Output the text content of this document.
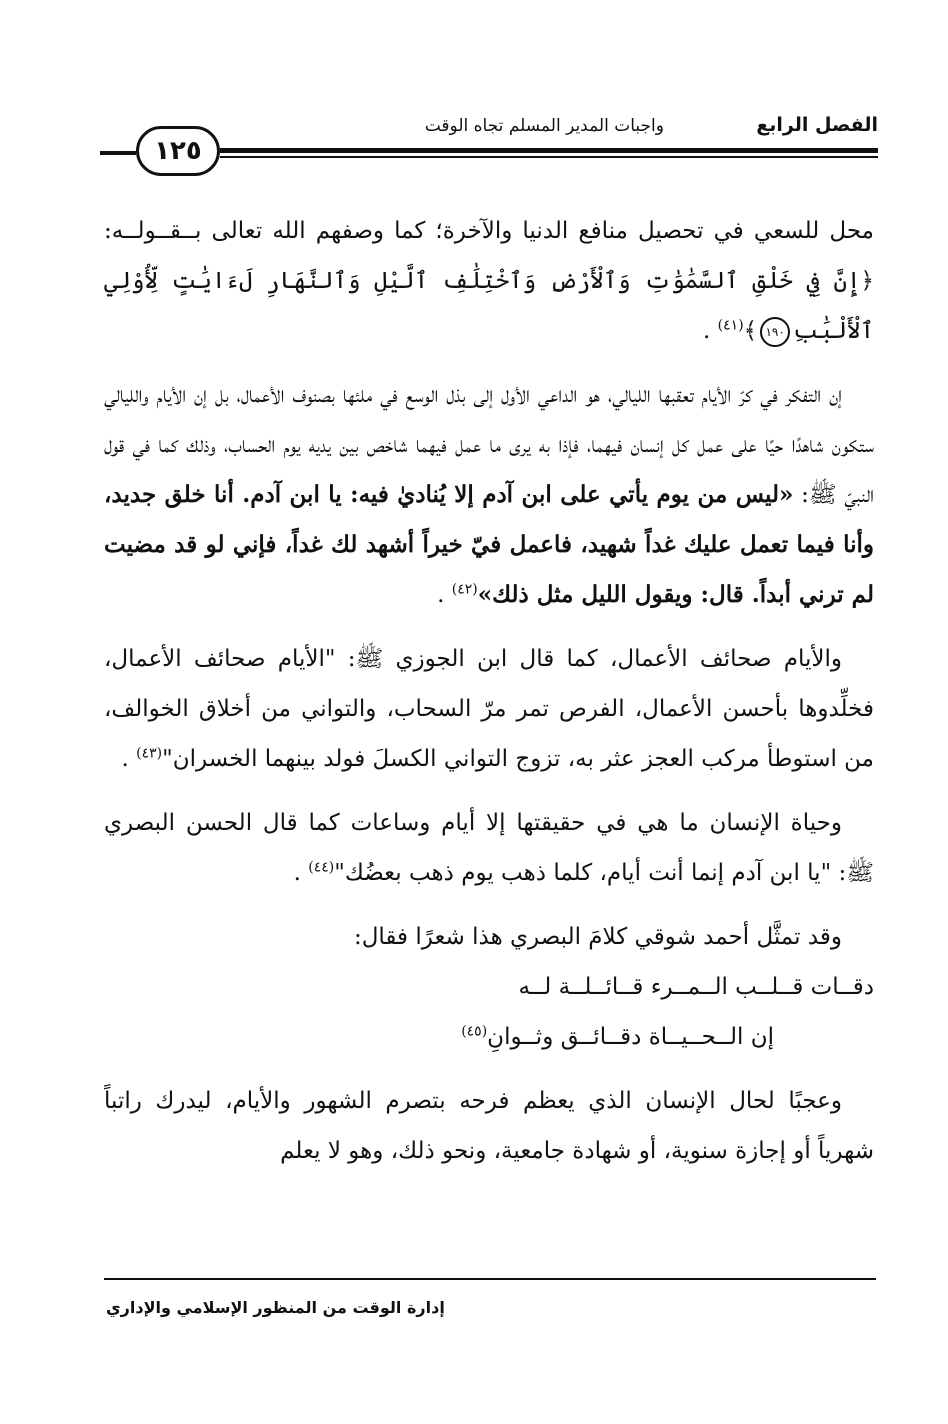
الفصل الرابع
واجبات المدير المسلم تجاه الوقت
١٢٥

محل للسعي في تحصيل منافع الدنيا والآخرة؛ كما وصفهم الله تعالى بــقــولــه: ﴿إِنَّ فِي خَلْقِ ٱلسَّمَٰوَٰتِ وَٱلْأَرْضِ وَٱخْتِلَٰفِ ٱلَّيْلِ وَٱلنَّهَارِ لَءَايَٰتٍ لِّأُوْلِي ٱلْأَلْبَٰبِ١٩٠﴾$^{(٤١)}$ .

إن التفكر في كرّ الأيام تعقبها الليالي، هو الداعي الأول إلى بذل الوسع في ملئها بصنوف الأعمال، بل إن الأيام والليالي ستكون شاهدًا حيًا على عمل كل إنسان فيهما، فإذا به يرى ما عمل فيهما شاخص بين يديه يوم الحساب، وذلك كما في قول النبيّ ﷺ: «ليس من يوم يأتي على ابن آدم إلا يُناديٰ فيه: يا ابن آدم. أنا خلق جديد، وأنا فيما تعمل عليك غداً شهيد، فاعمل فيّ خيراً أشهد لك غداً، فإني لو قد مضيت لم ترني أبداً. قال: ويقول الليل مثل ذلك»$^{(٤٢)}$ .

والأيام صحائف الأعمال، كما قال ابن الجوزي ﷺ: "الأيام صحائف الأعمال، فخلِّدوها بأحسن الأعمال، الفرص تمر مرّ السحاب، والتواني من أخلاق الخوالف، من استوطأ مركب العجز عثر به، تزوج التواني الكسلَ فولد بينهما الخسران"$^{(٤٣)}$ .

وحياة الإنسان ما هي في حقيقتها إلا أيام وساعات كما قال الحسن البصري ﷺ: "يا ابن آدم إنما أنت أيام، كلما ذهب يوم ذهب بعضُك"$^{(٤٤)}$ .

وقد تمثَّل أحمد شوقي كلامَ البصري هذا شعرًا فقال:

دقــات قــلــب الــمــرء قــائــلــة لــه

إن الــحــيــاة دقــائــق وثــوانِ$^{(٤٥)}$

وعجبًا لحال الإنسان الذي يعظم فرحه بتصرم الشهور والأيام، ليدرك راتباً شهرياً أو إجازة سنوية، أو شهادة جامعية، ونحو ذلك، وهو لا يعلم

إدارة الوقت من المنظور الإسلامي والإداري
